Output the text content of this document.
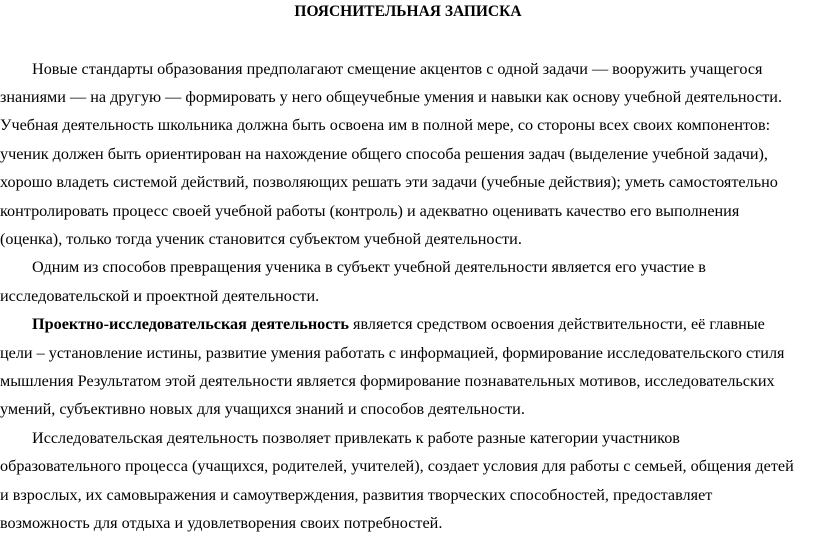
ПОЯСНИТЕЛЬНАЯ ЗАПИСКА
Новые стандарты образования предполагают смещение акцентов с одной задачи — вооружить учащегося
знаниями — на другую — формировать у него общеучебные умения и навыки как основу учебной деятельности.
Учебная деятельность школьника должна быть освоена им в полной мере, со стороны всех своих компонентов:
ученик должен быть ориентирован на нахождение общего способа решения задач (выделение учебной задачи),
хорошо владеть системой действий, позволяющих решать эти задачи (учебные действия); уметь самостоятельно
контролировать процесс своей учебной работы (контроль) и адекватно оценивать качество его выполнения
(оценка), только тогда ученик становится субъектом учебной деятельности.
Одним из способов превращения ученика в субъект учебной деятельности является его участие в
исследовательской и проектной деятельности.
Проектно-исследовательская деятельность является средством освоения действительности, её главные
цели – установление истины, развитие умения работать с информацией, формирование исследовательского стиля
мышления Результатом этой деятельности является формирование познавательных мотивов, исследовательских
умений, субъективно новых для учащихся знаний и способов деятельности.
Исследовательская деятельность позволяет привлекать к работе разные категории участников
образовательного процесса (учащихся, родителей, учителей), создает условия для работы с семьей, общения детей
и взрослых, их самовыражения и самоутверждения, развития творческих способностей, предоставляет
возможность для отдыха и удовлетворения своих потребностей.
